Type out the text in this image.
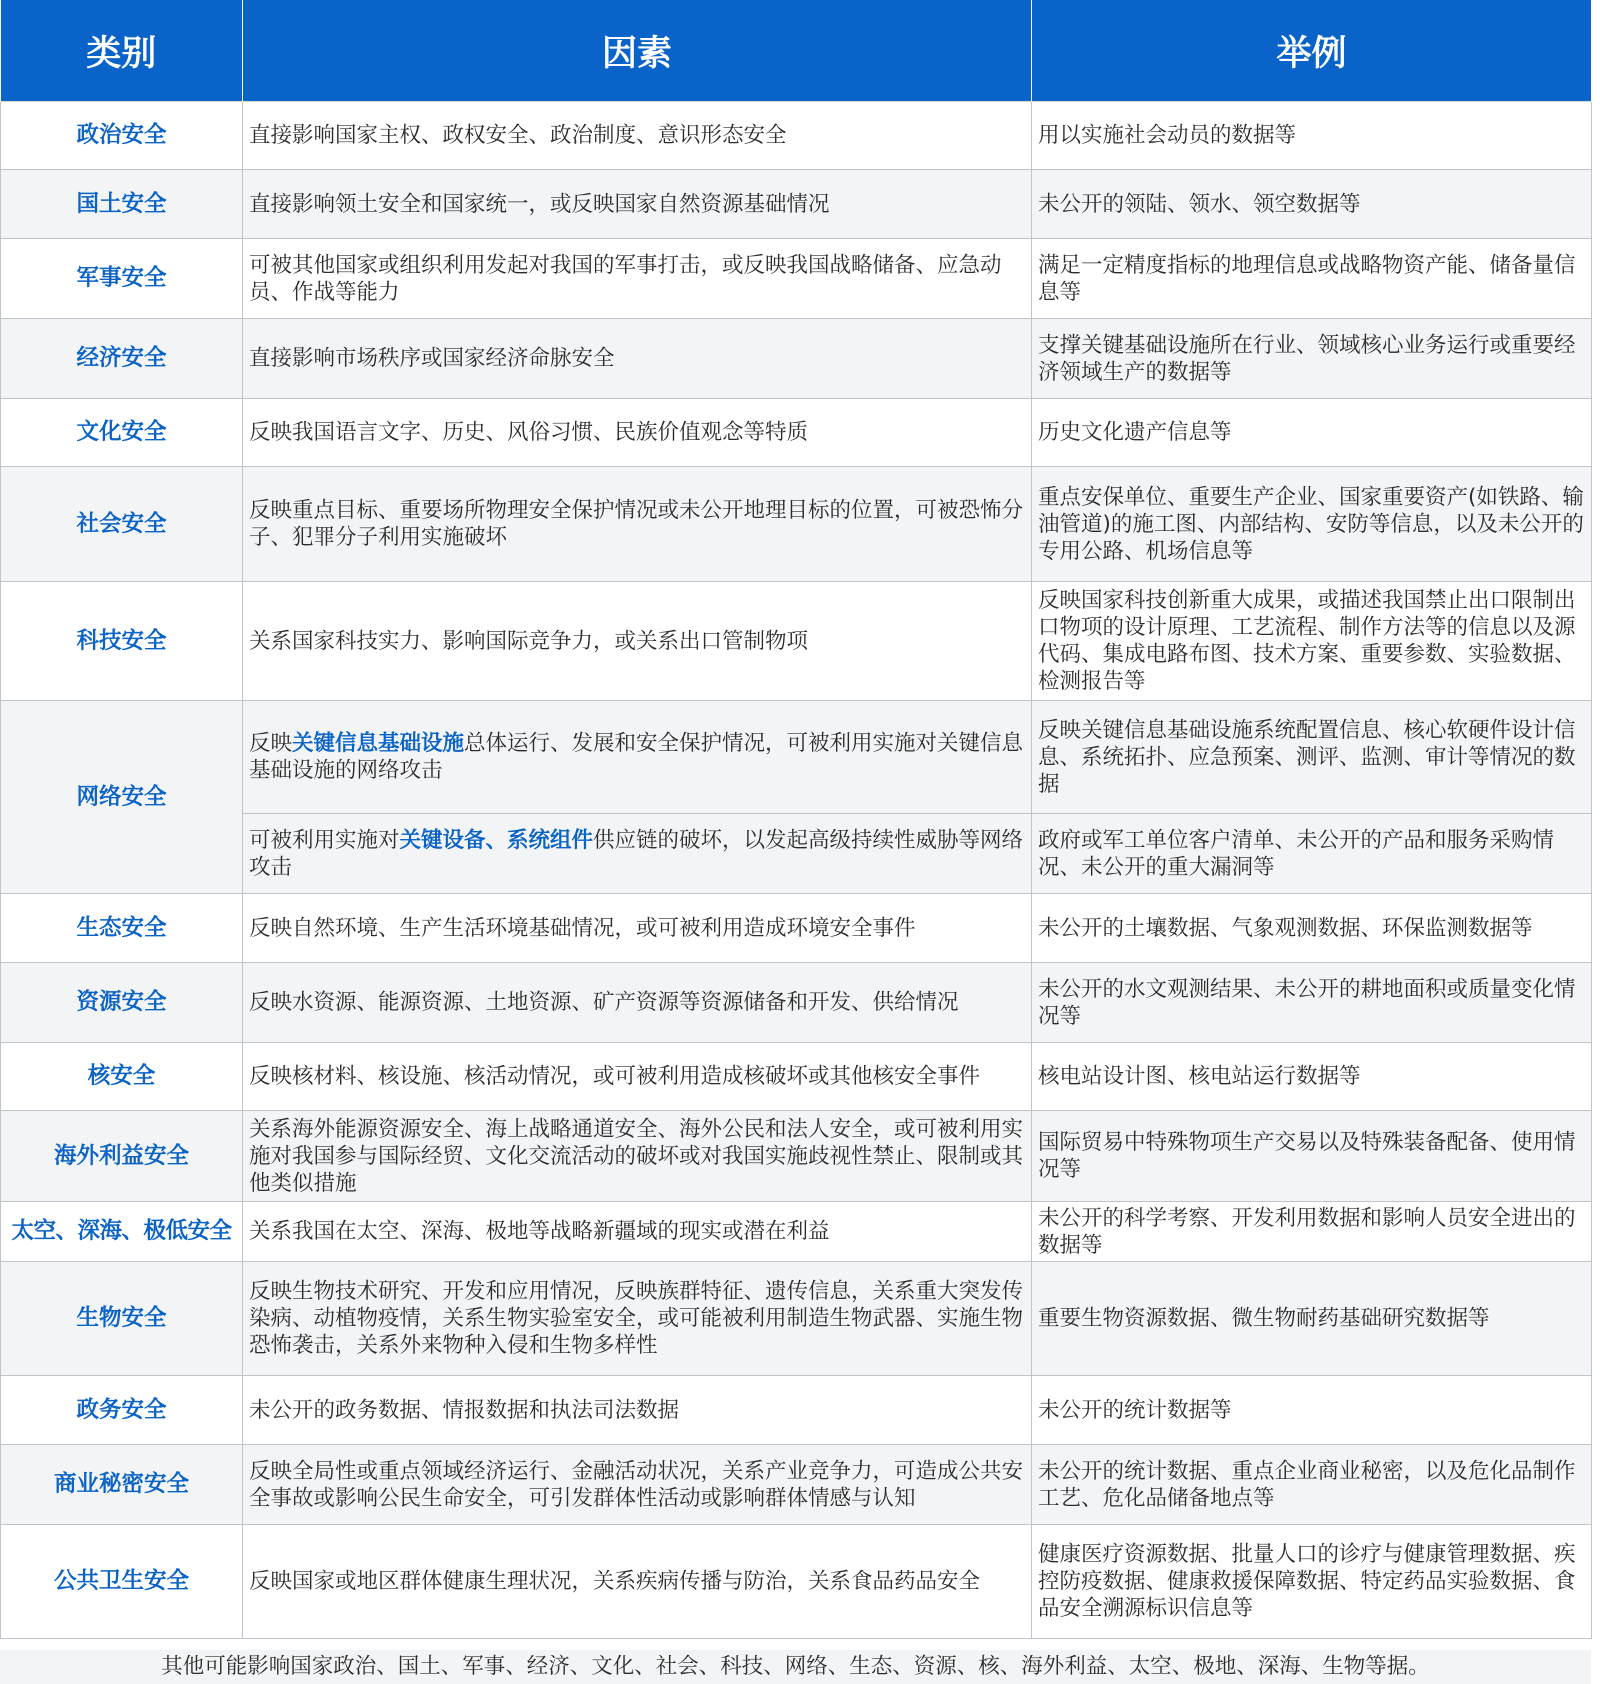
类别	因素	举例
政治安全	直接影响国家主权、政权安全、政治制度、意识形态安全	用以实施社会动员的数据等
国土安全	直接影响领土安全和国家统一，或反映国家自然资源基础情况	未公开的领陆、领水、领空数据等
军事安全	可被其他国家或组织利用发起对我国的军事打击，或反映我国战略储备、应急动员、作战等能力	满足一定精度指标的地理信息或战略物资产能、储备量信息等
经济安全	直接影响市场秩序或国家经济命脉安全	支撑关键基础设施所在行业、领域核心业务运行或重要经济领域生产的数据等
文化安全	反映我国语言文字、历史、风俗习惯、民族价值观念等特质	历史文化遗产信息等
社会安全	反映重点目标、重要场所物理安全保护情况或未公开地理目标的位置，可被恐怖分子、犯罪分子利用实施破坏	重点安保单位、重要生产企业、国家重要资产(如铁路、输油管道)的施工图、内部结构、安防等信息，以及未公开的专用公路、机场信息等
科技安全	关系国家科技实力、影响国际竞争力，或关系出口管制物项	反映国家科技创新重大成果，或描述我国禁止出口限制出口物项的设计原理、工艺流程、制作方法等的信息以及源代码、集成电路布图、技术方案、重要参数、实验数据、检测报告等
网络安全	反映关键信息基础设施总体运行、发展和安全保护情况，可被利用实施对关键信息基础设施的网络攻击	反映关键信息基础设施系统配置信息、核心软硬件设计信息、系统拓扑、应急预案、测评、监测、审计等情况的数据
	可被利用实施对关键设备、系统组件供应链的破坏，以发起高级持续性威胁等网络攻击	政府或军工单位客户清单、未公开的产品和服务采购情况、未公开的重大漏洞等
生态安全	反映自然环境、生产生活环境基础情况，或可被利用造成环境安全事件	未公开的土壤数据、气象观测数据、环保监测数据等
资源安全	反映水资源、能源资源、土地资源、矿产资源等资源储备和开发、供给情况	未公开的水文观测结果、未公开的耕地面积或质量变化情况等
核安全	反映核材料、核设施、核活动情况，或可被利用造成核破坏或其他核安全事件	核电站设计图、核电站运行数据等
海外利益安全	关系海外能源资源安全、海上战略通道安全、海外公民和法人安全，或可被利用实施对我国参与国际经贸、文化交流活动的破坏或对我国实施歧视性禁止、限制或其他类似措施	国际贸易中特殊物项生产交易以及特殊装备配备、使用情况等
太空、深海、极低安全	关系我国在太空、深海、极地等战略新疆域的现实或潜在利益	未公开的科学考察、开发利用数据和影响人员安全进出的数据等
生物安全	反映生物技术研究、开发和应用情况，反映族群特征、遗传信息，关系重大突发传染病、动植物疫情，关系生物实验室安全，或可能被利用制造生物武器、实施生物恐怖袭击，关系外来物种入侵和生物多样性	重要生物资源数据、微生物耐药基础研究数据等
政务安全	未公开的政务数据、情报数据和执法司法数据	未公开的统计数据等
商业秘密安全	反映全局性或重点领域经济运行、金融活动状况，关系产业竞争力，可造成公共安全事故或影响公民生命安全，可引发群体性活动或影响群体情感与认知	未公开的统计数据、重点企业商业秘密，以及危化品制作工艺、危化品储备地点等
公共卫生安全	反映国家或地区群体健康生理状况，关系疾病传播与防治，关系食品药品安全	健康医疗资源数据、批量人口的诊疗与健康管理数据、疾控防疫数据、健康救援保障数据、特定药品实验数据、食品安全溯源标识信息等
其他可能影响国家政治、国土、军事、经济、文化、社会、科技、网络、生态、资源、核、海外利益、太空、极地、深海、生物等据。
